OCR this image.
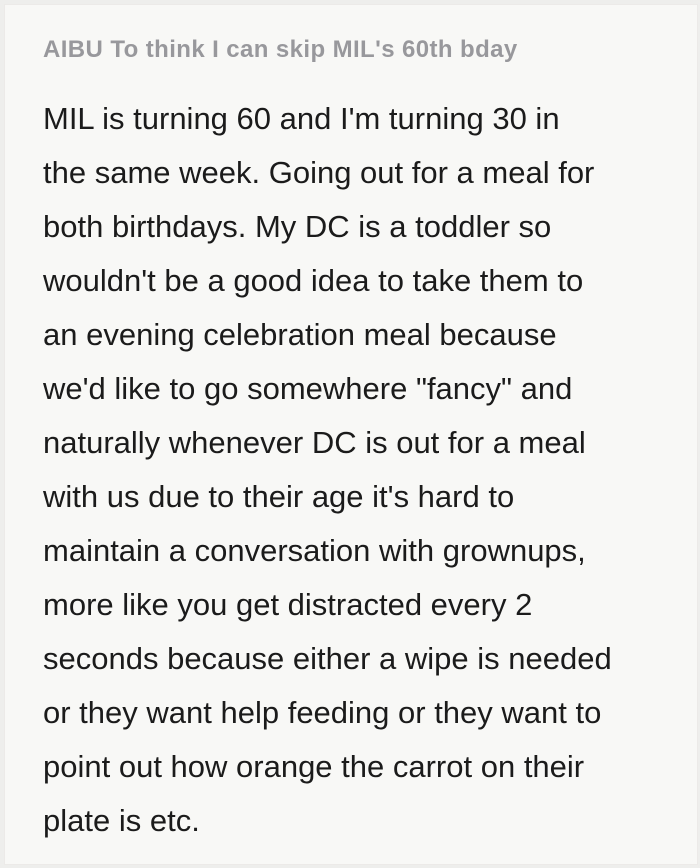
AIBU To think I can skip MIL's 60th bday
MIL is turning 60 and I'm turning 30 in
the same week. Going out for a meal for
both birthdays. My DC is a toddler so
wouldn't be a good idea to take them to
an evening celebration meal because
we'd like to go somewhere "fancy" and
naturally whenever DC is out for a meal
with us due to their age it's hard to
maintain a conversation with grownups,
more like you get distracted every 2
seconds because either a wipe is needed
or they want help feeding or they want to
point out how orange the carrot on their
plate is etc.
